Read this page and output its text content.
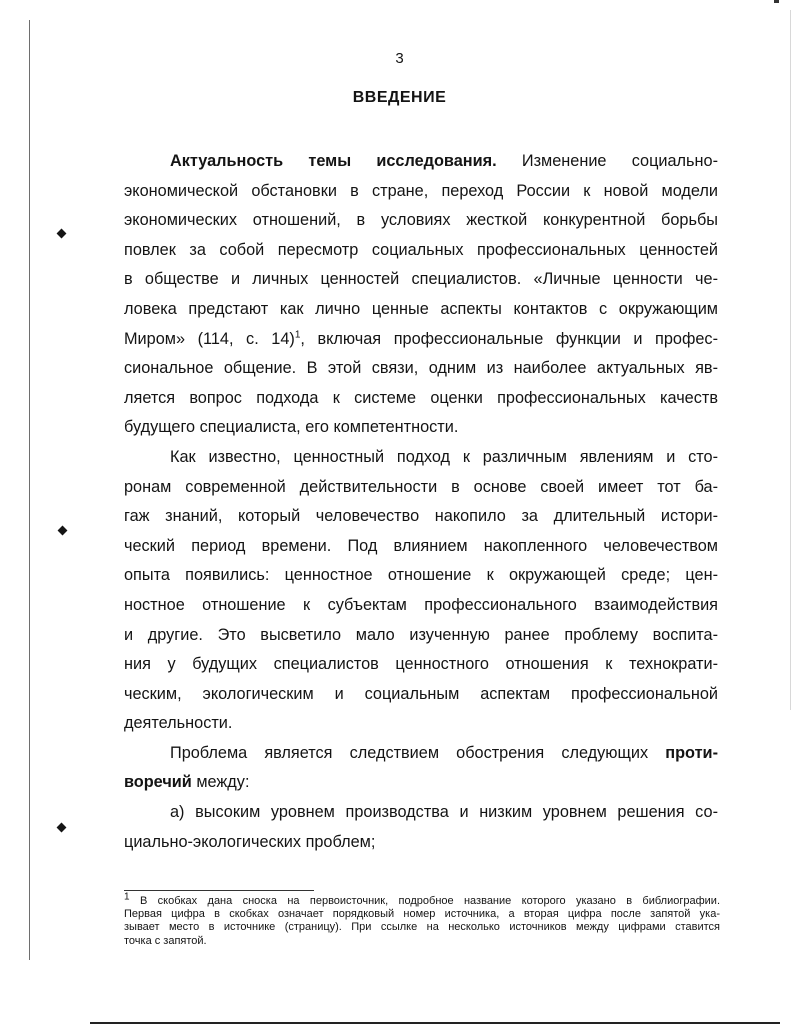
3
ВВЕДЕНИЕ

Актуальность темы исследования. Изменение социально-
экономической обстановки в стране, переход России к новой модели
экономических отношений, в условиях жесткой конкурентной борьбы
повлек за собой пересмотр социальных профессиональных ценностей
в обществе и личных ценностей специалистов. «Личные ценности че-
ловека предстают как лично ценные аспекты контактов с окружающим
Миром» (114, с. 14)$^1$, включая профессиональные функции и профес-
сиональное общение. В этой связи, одним из наиболее актуальных яв-
ляется вопрос подхода к системе оценки профессиональных качеств
будущего специалиста, его компетентности.

Как известно, ценностный подход к различным явлениям и сто-
ронам современной действительности в основе своей имеет тот ба-
гаж знаний, который человечество накопило за длительный истори-
ческий период времени. Под влиянием накопленного человечеством
опыта появились: ценностное отношение к окружающей среде; цен-
ностное отношение к субъектам профессионального взаимодействия
и другие. Это высветило мало изученную ранее проблему воспита-
ния у будущих специалистов ценностного отношения к технократи-
ческим, экологическим и социальным аспектам профессиональной
деятельности.

Проблема является следствием обострения следующих проти-
воречий между:

а) высоким уровнем производства и низким уровнем решения со-
циально-экологических проблем;

$^1$ В скобках дана сноска на первоисточник, подробное название которого указано в библиографии.
Первая цифра в скобках означает порядковый номер источника, а вторая цифра после запятой ука-
зывает место в источнике (страницу). При ссылке на несколько источников между цифрами ставится
точка с запятой.
